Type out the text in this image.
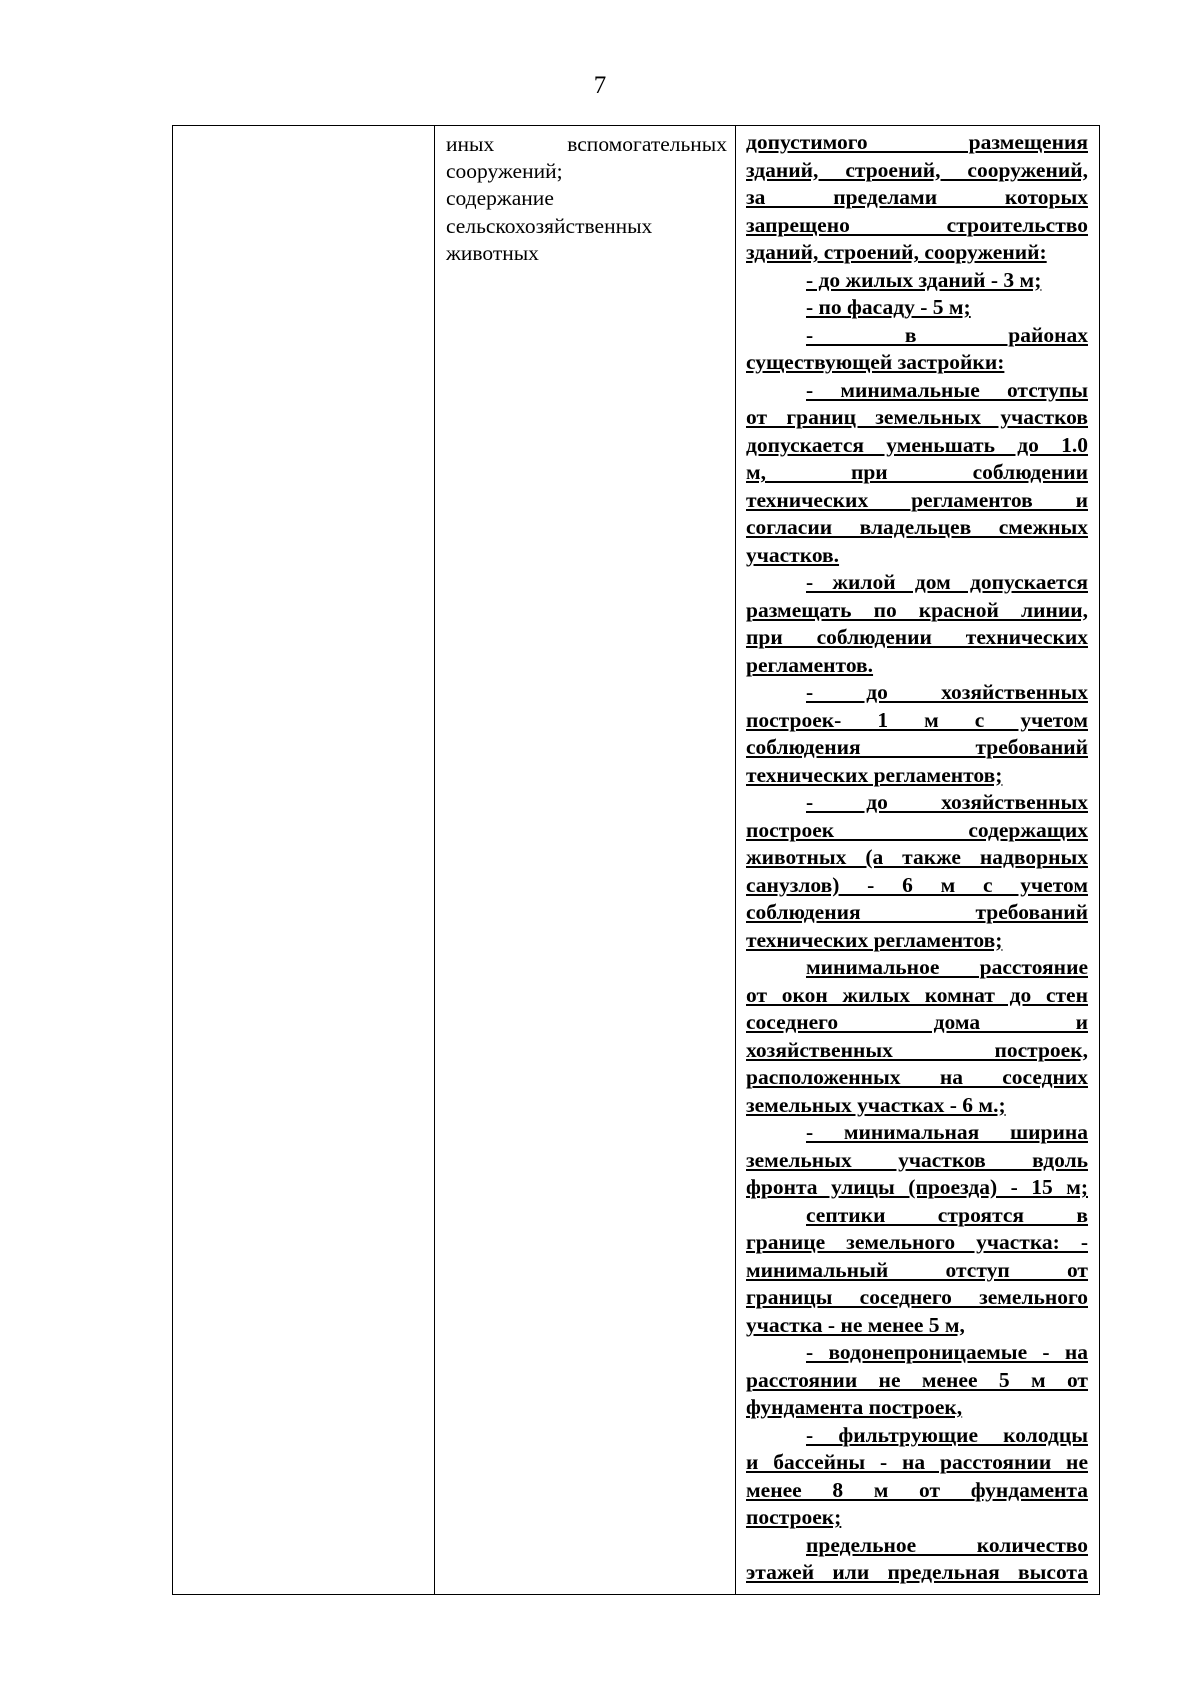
7

иных вспомогательных

сооружений;

содержание

сельскохозяйственных

животных

допустимого размещения

зданий, строений, сооружений,

за пределами которых

запрещено строительство

зданий, строений, сооружений:

- до жилых зданий - 3 м;

- по фасаду - 5 м;

- в районах

существующей застройки:

- минимальные отступы

от границ земельных участков

допускается уменьшать до 1.0

м, при соблюдении

технических регламентов и

согласии владельцев смежных

участков.

- жилой дом допускается

размещать по красной линии,

при соблюдении технических

регламентов.

- до хозяйственных

построек- 1 м с учетом

соблюдения требований

технических регламентов;

- до хозяйственных

построек содержащих

животных (а также надворных

санузлов) - 6 м с учетом

соблюдения требований

технических регламентов;

минимальное расстояние

от окон жилых комнат до стен

соседнего дома и

хозяйственных построек,

расположенных на соседних

земельных участках - 6 м.;

- минимальная ширина

земельных участков вдоль

фронта улицы (проезда) - 15 м;

септики строятся в

границе земельного участка: -

минимальный отступ от

границы соседнего земельного

участка - не менее 5 м,

- водонепроницаемые - на

расстоянии не менее 5 м от

фундамента построек,

- фильтрующие колодцы

и бассейны - на расстоянии не

менее 8 м от фундамента

построек;

предельное количество

этажей или предельная высота
